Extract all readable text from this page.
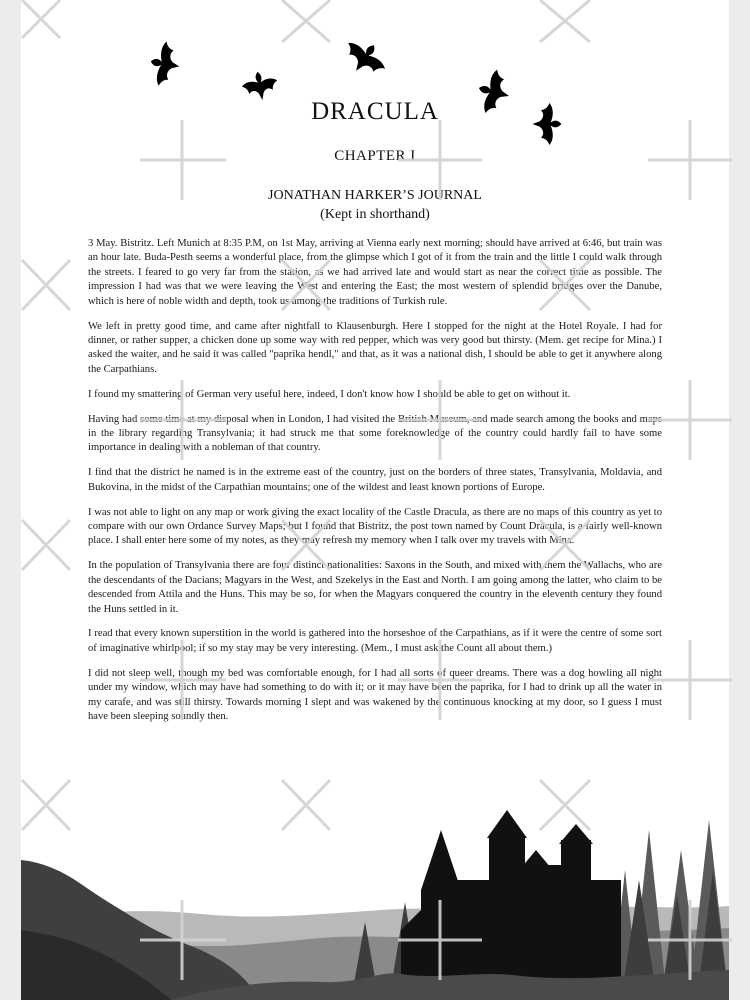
DRACULA
CHAPTER I
JONATHAN HARKER’S JOURNAL
(Kept in shorthand)

3 May. Bistritz. Left Munich at 8:35 P.M, on 1st May, arriving at Vienna early next morning; should have arrived at 6:46, but train was an hour late. Buda-Pesth seems a wonderful place, from the glimpse which I got of it from the train and the little I could walk through the streets. I feared to go very far from the station, as we had arrived late and would start as near the correct time as possible. The impression I had was that we were leaving the West and entering the East; the most western of splendid bridges over the Danube, which is here of noble width and depth, took us among the traditions of Turkish rule.

We left in pretty good time, and came after nightfall to Klausenburgh. Here I stopped for the night at the Hotel Royale. I had for dinner, or rather supper, a chicken done up some way with red pepper, which was very good but thirsty. (Mem. get recipe for Mina.) I asked the waiter, and he said it was called "paprika hendl," and that, as it was a national dish, I should be able to get it anywhere along the Carpathians.

I found my smattering of German very useful here, indeed, I don't know how I should be able to get on without it.

Having had some time at my disposal when in London, I had visited the British Museum, and made search among the books and maps in the library regarding Transylvania; it had struck me that some foreknowledge of the country could hardly fail to have some importance in dealing with a nobleman of that country.

I find that the district he named is in the extreme east of the country, just on the borders of three states, Transylvania, Moldavia, and Bukovina, in the midst of the Carpathian mountains; one of the wildest and least known portions of Europe.

I was not able to light on any map or work giving the exact locality of the Castle Dracula, as there are no maps of this country as yet to compare with our own Ordance Survey Maps; but I found that Bistritz, the post town named by Count Dracula, is a fairly well-known place. I shall enter here some of my notes, as they may refresh my memory when I talk over my travels with Mina.

In the population of Transylvania there are four distinct nationalities: Saxons in the South, and mixed with them the Wallachs, who are the descendants of the Dacians; Magyars in the West, and Szekelys in the East and North. I am going among the latter, who claim to be descended from Attila and the Huns. This may be so, for when the Magyars conquered the country in the eleventh century they found the Huns settled in it.

I read that every known superstition in the world is gathered into the horseshoe of the Carpathians, as if it were the centre of some sort of imaginative whirlpool; if so my stay may be very interesting. (Mem., I must ask the Count all about them.)

I did not sleep well, though my bed was comfortable enough, for I had all sorts of queer dreams. There was a dog howling all night under my window, which may have had something to do with it; or it may have been the paprika, for I had to drink up all the water in my carafe, and was still thirsty. Towards morning I slept and was wakened by the continuous knocking at my door, so I guess I must have been sleeping soundly then.
